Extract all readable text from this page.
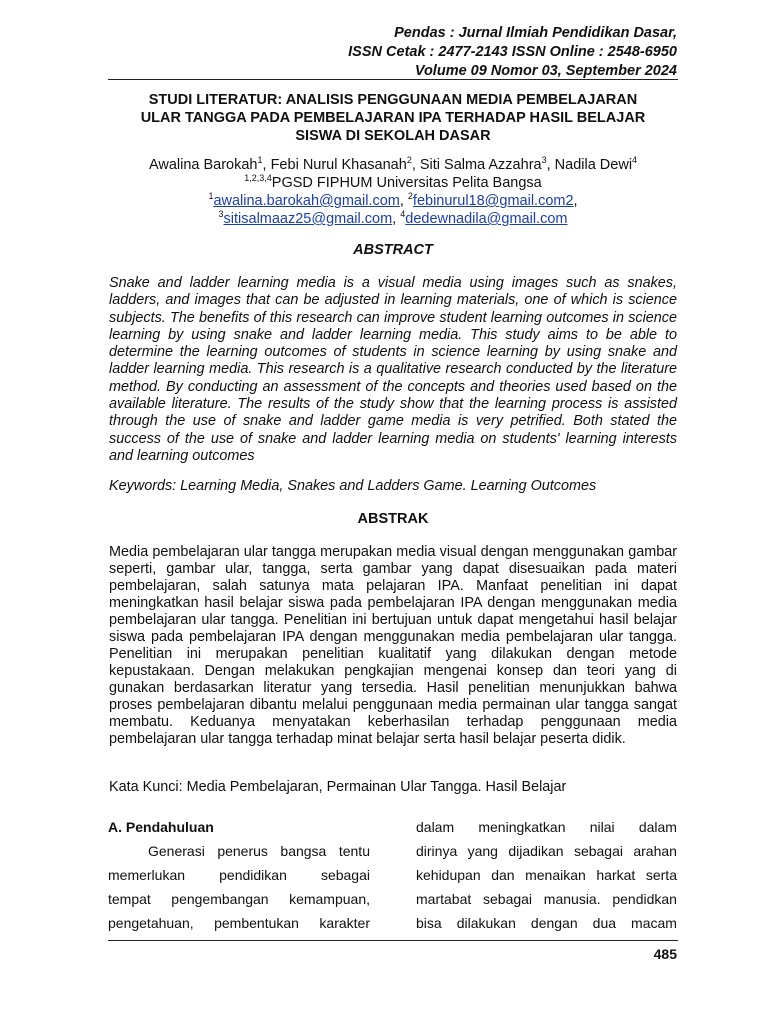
Pendas : Jurnal Ilmiah Pendidikan Dasar,
ISSN Cetak : 2477-2143 ISSN Online : 2548-6950
Volume 09 Nomor 03, September 2024
STUDI LITERATUR: ANALISIS PENGGUNAAN MEDIA PEMBELAJARAN
ULAR TANGGA PADA PEMBELAJARAN IPA TERHADAP HASIL BELAJAR
SISWA DI SEKOLAH DASAR
Awalina Barokah$^1$, Febi Nurul Khasanah$^2$, Siti Salma Azzahra$^3$, Nadila Dewi$^4$
$^{1,2,3,4}$PGSD FIPHUM Universitas Pelita Bangsa
$^1$awalina.barokah@gmail.com, $^2$febinurul18@gmail.com2,
$^3$sitisalmaaz25@gmail.com, $^4$dedewnadila@gmail.com
ABSTRACT
Snake and ladder learning media is a visual media using images such as snakes, ladders, and images that can be adjusted in learning materials, one of which is science subjects. The benefits of this research can improve student learning outcomes in science learning by using snake and ladder learning media. This study aims to be able to determine the learning outcomes of students in science learning by using snake and ladder learning media. This research is a qualitative research conducted by the literature method. By conducting an assessment of the concepts and theories used based on the available literature. The results of the study show that the learning process is assisted through the use of snake and ladder game media is very petrified. Both stated the success of the use of snake and ladder learning media on students' learning interests and learning outcomes
Keywords: Learning Media, Snakes and Ladders Game. Learning Outcomes
ABSTRAK
Media pembelajaran ular tangga merupakan media visual dengan menggunakan gambar seperti, gambar ular, tangga, serta gambar yang dapat disesuaikan pada materi pembelajaran, salah satunya mata pelajaran IPA. Manfaat penelitian ini dapat meningkatkan hasil belajar siswa pada pembelajaran IPA dengan menggunakan media pembelajaran ular tangga. Penelitian ini bertujuan untuk dapat mengetahui hasil belajar siswa pada pembelajaran IPA dengan menggunakan media pembelajaran ular tangga. Penelitian ini merupakan penelitian kualitatif yang dilakukan dengan metode kepustakaan. Dengan melakukan pengkajian mengenai konsep dan teori yang di gunakan berdasarkan literatur yang tersedia. Hasil penelitian menunjukkan bahwa proses pembelajaran dibantu melalui penggunaan media permainan ular tangga sangat membatu. Keduanya menyatakan keberhasilan terhadap penggunaan media pembelajaran ular tangga terhadap minat belajar serta hasil belajar peserta didik.
Kata Kunci: Media Pembelajaran, Permainan Ular Tangga. Hasil Belajar
A. Pendahuluan
Generasi penerus bangsa tentu
memerlukan pendidikan sebagai
tempat pengembangan kemampuan,
pengetahuan, pembentukan karakter
dalam meningkatkan nilai dalam
dirinya yang dijadikan sebagai arahan
kehidupan dan menaikan harkat serta
martabat sebagai manusia. pendidkan
bisa dilakukan dengan dua macam
485
